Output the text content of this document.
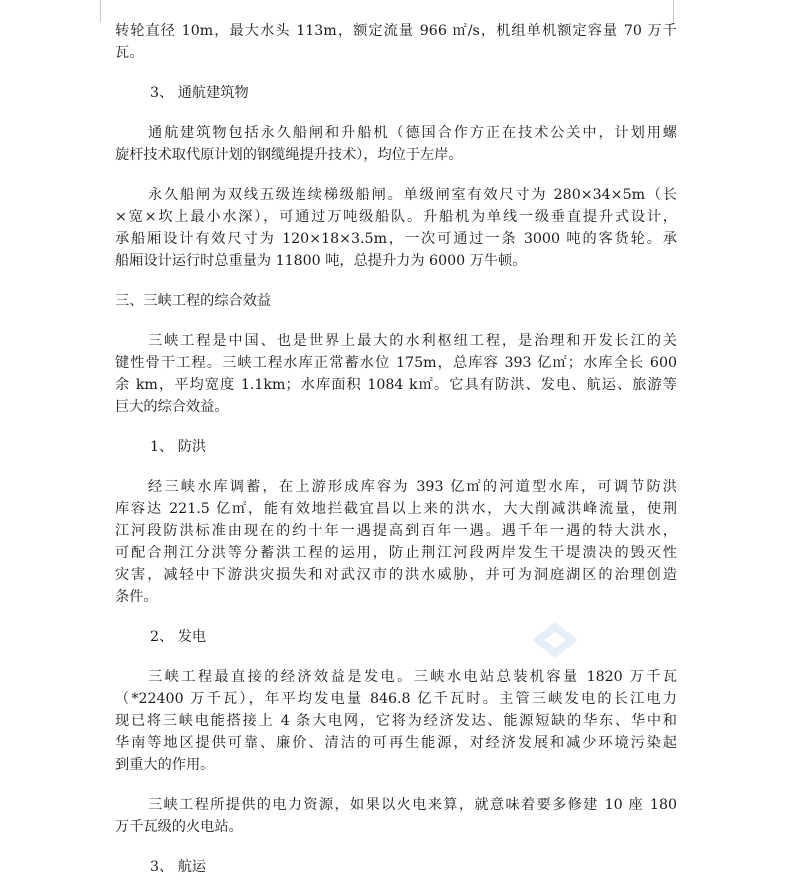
转轮直径 10m，最大水头 113m，额定流量 966 ㎡/s，机组单机额定容量 70 万千
瓦。

3、 通航建筑物

通航建筑物包括永久船闸和升船机（德国合作方正在技术公关中，计划用螺
旋杆技术取代原计划的钢缆绳提升技术），均位于左岸。

永久船闸为双线五级连续梯级船闸。单级闸室有效尺寸为 280×34×5m（长
×宽×坎上最小水深），可通过万吨级船队。升船机为单线一级垂直提升式设计，
承船厢设计有效尺寸为 120×18×3.5m，一次可通过一条 3000 吨的客货轮。承
船厢设计运行时总重量为 11800 吨，总提升力为 6000 万牛顿。

三、三峡工程的综合效益

三峡工程是中国、也是世界上最大的水利枢纽工程，是治理和开发长江的关
键性骨干工程。三峡工程水库正常蓄水位 175m，总库容 393 亿㎡；水库全长 600
余 km，平均宽度 1.1km；水库面积 1084 k㎡。它具有防洪、发电、航运、旅游等
巨大的综合效益。

1、 防洪

经三峡水库调蓄，在上游形成库容为 393 亿㎡的河道型水库，可调节防洪
库容达 221.5 亿㎡，能有效地拦截宜昌以上来的洪水，大大削减洪峰流量，使荆
江河段防洪标准由现在的约十年一遇提高到百年一遇。遇千年一遇的特大洪水，
可配合荆江分洪等分蓄洪工程的运用，防止荆江河段两岸发生干堤溃决的毁灭性
灾害，减轻中下游洪灾损失和对武汉市的洪水威胁，并可为洞庭湖区的治理创造
条件。

2、 发电

三峡工程最直接的经济效益是发电。三峡水电站总装机容量 1820 万千瓦
（*22400 万千瓦），年平均发电量 846.8 亿千瓦时。主管三峡发电的长江电力
现已将三峡电能搭接上 4 条大电网，它将为经济发达、能源短缺的华东、华中和
华南等地区提供可靠、廉价、清洁的可再生能源，对经济发展和减少环境污染起
到重大的作用。

三峡工程所提供的电力资源，如果以火电来算，就意味着要多修建 10 座 180
万千瓦级的火电站。

3、 航运
